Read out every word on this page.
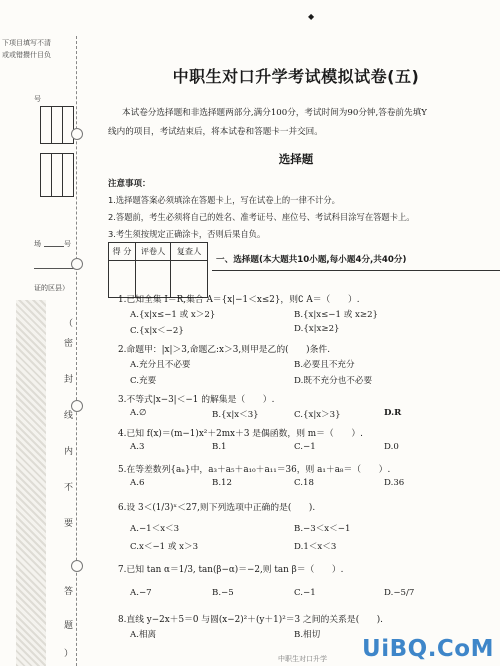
下项目填写不清
或或错攒什目负
号
场	号
证的区县）
（
密
封
线
内
不
要
答
题
）
◆
中职生对口升学考试模拟试卷(五)
本试卷分选择题和非选择题两部分,满分100分，考试时间为90分钟,答卷前先填Y
线内的项目，考试结束后，将本试卷和答题卡一并交回。
选择题
注意事项：
1.选择题答案必须填涂在答题卡上，写在试卷上的一律不计分。
2.答题前，考生必须将自己的姓名、准考证号、座位号、考试科目涂写在答题卡上。
3.考生须按规定正确涂卡，否则后果自负。
得 分	评卷人	复查人

一、选择题(本大题共10小题,每小题4分,共40分)
1.已知全集 I＝R,集合 A＝{x|−1＜x≤2}，则∁ A＝（　　）.
A.{x|x≤−1 或 x＞2}	B.{x|x≤−1 或 x≥2}
C.{x|x＜−2}	D.{x|x≥2}
2.命题甲：|x|＞3,命题乙:x＞3,则甲是乙的(　　)条件.
A.充分且不必要	B.必要且不充分
C.充要	D.既不充分也不必要
3.不等式|x−3|＜−1 的解集是（　　）.
A.∅	B.{x|x＜3}	C.{x|x＞3}	D.R
4.已知 f(x)＝(m−1)x²＋2mx＋3 是偶函数，则 m＝（　　）.
A.3	B.1	C.−1	D.0
5.在等差数列{aₙ}中，a₃＋a₅＋a₁₀＋a₁₁＝36，则 a₁＋a₈＝（　　）.
A.6	B.12	C.18	D.36
6.设 3＜(1/3)ˣ＜27,则下列选项中正确的是(　　).
A.−1＜x＜3	B.−3＜x＜−1
C.x＜−1 或 x＞3	D.1＜x＜3
7.已知 tan α＝1/3, tan(β−α)＝−2,则 tan β＝（　　）.
A.−7	B.−5	C.−1	D.−5/7
8.直线 y−2x＋5＝0 与圆(x−2)²＋(y＋1)²＝3 之间的关系是(　　).
A.相离	B.相切
中职生对口升学 UiBQ.CoM
